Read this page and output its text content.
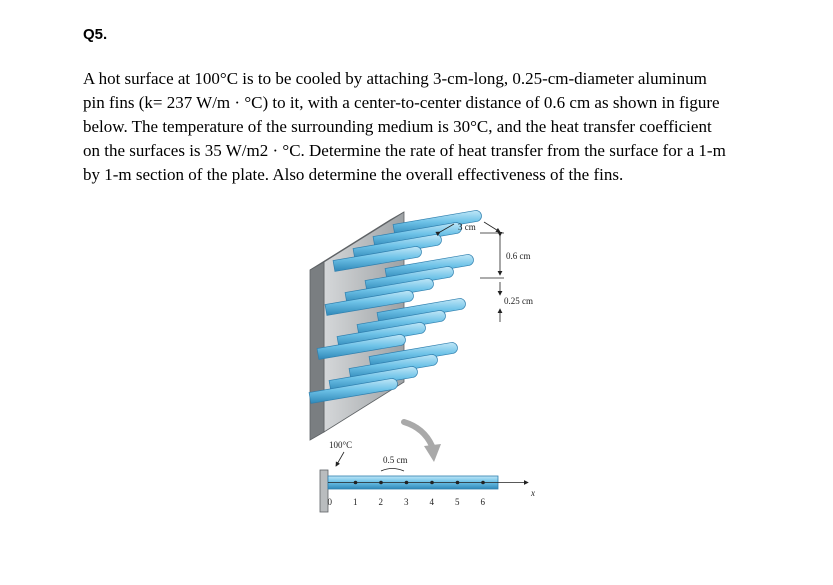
Q5.

A hot surface at 100°C is to be cooled by attaching 3-cm-long, 0.25-cm-diameter aluminum
pin fins (k= 237 W/m · °C) to it, with a center-to-center distance of 0.6 cm as shown in figure
below. The temperature of the surrounding medium is 30°C, and the heat transfer coefficient
on the surfaces is 35 W/m2 · °C. Determine the rate of heat transfer from the surface for a 1-m
by 1-m section of the plate. Also determine the overall effectiveness of the fins.

3 cm
0.6 cm
0.25 cm
100°C
0.5 cm
x
0 1 2 3 4 5 6
